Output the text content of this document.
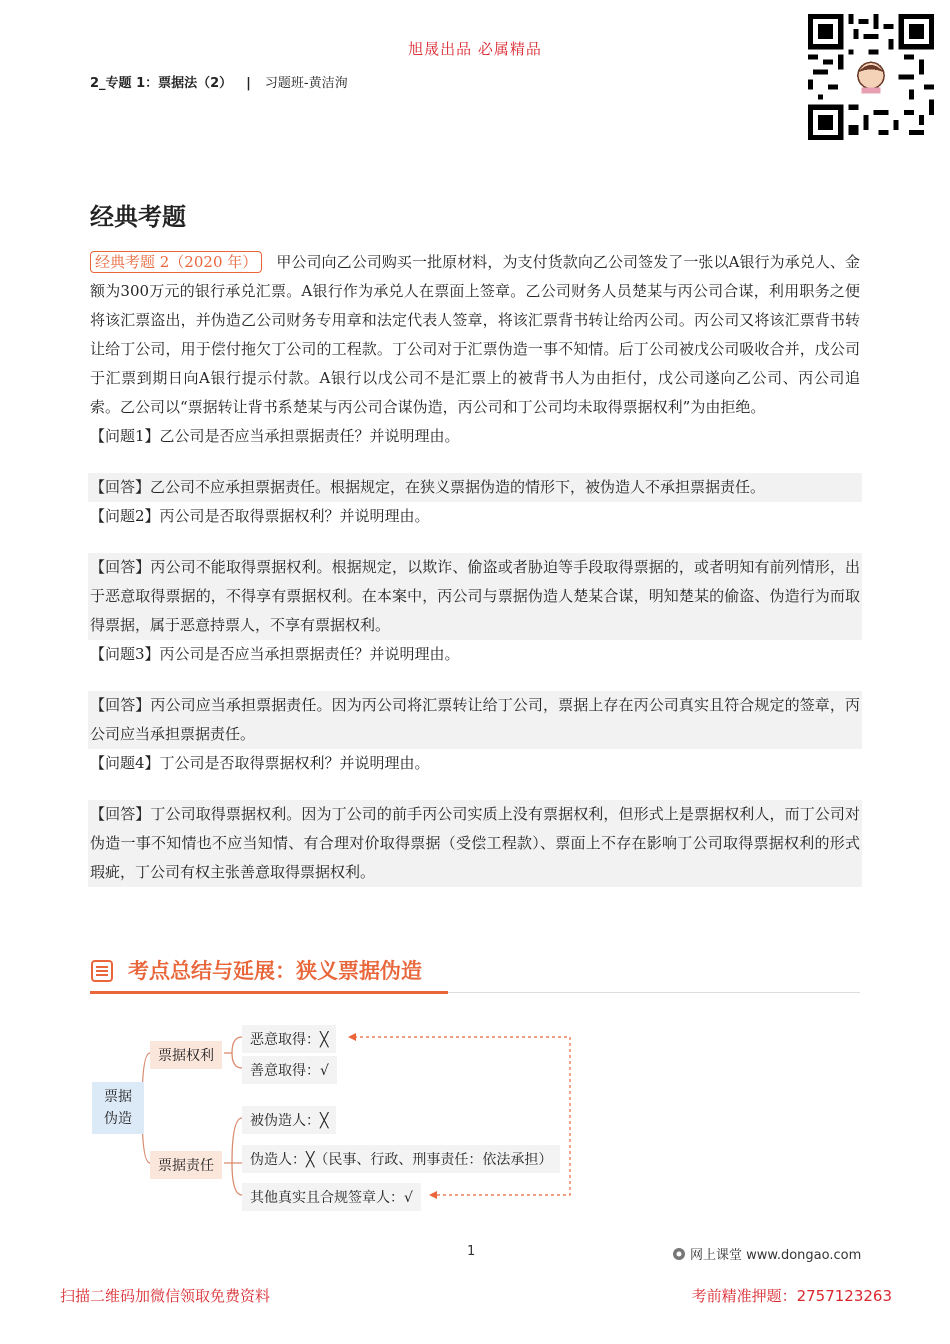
旭晟出品 必属精品
2_专题 1：票据法（2） | 习题班-黄洁洵
经典考题

经典考题 2（2020 年） 甲公司向乙公司购买一批原材料，为支付货款向乙公司签发了一张以A银行为承兑人、金额为300万元的银行承兑汇票。A银行作为承兑人在票面上签章。乙公司财务人员楚某与丙公司合谋，利用职务之便将该汇票盗出，并伪造乙公司财务专用章和法定代表人签章，将该汇票背书转让给丙公司。丙公司又将该汇票背书转让给丁公司，用于偿付拖欠丁公司的工程款。丁公司对于汇票伪造一事不知情。后丁公司被戊公司吸收合并，戊公司于汇票到期日向A银行提示付款。A银行以戊公司不是汇票上的被背书人为由拒付，戊公司遂向乙公司、丙公司追索。乙公司以“票据转让背书系楚某与丙公司合谋伪造，丙公司和丁公司均未取得票据权利”为由拒绝。

【问题1】乙公司是否应当承担票据责任？并说明理由。

【回答】乙公司不应承担票据责任。根据规定，在狭义票据伪造的情形下，被伪造人不承担票据责任。

【问题2】丙公司是否取得票据权利？并说明理由。

【回答】丙公司不能取得票据权利。根据规定，以欺诈、偷盗或者胁迫等手段取得票据的，或者明知有前列情形，出于恶意取得票据的，不得享有票据权利。在本案中，丙公司与票据伪造人楚某合谋，明知楚某的偷盗、伪造行为而取得票据，属于恶意持票人，不享有票据权利。

【问题3】丙公司是否应当承担票据责任？并说明理由。

【回答】丙公司应当承担票据责任。因为丙公司将汇票转让给丁公司，票据上存在丙公司真实且符合规定的签章，丙公司应当承担票据责任。

【问题4】丁公司是否取得票据权利？并说明理由。

【回答】丁公司取得票据权利。因为丁公司的前手丙公司实质上没有票据权利，但形式上是票据权利人，而丁公司对伪造一事不知情也不应当知情、有合理对价取得票据（受偿工程款）、票面上不存在影响丁公司取得票据权利的形式瑕疵，丁公司有权主张善意取得票据权利。

考点总结与延展：狭义票据伪造
票据伪造
票据权利
票据责任
恶意取得：╳
善意取得：√
被伪造人：╳
伪造人：╳（民事、行政、刑事责任：依法承担）
其他真实且合规签章人：√
1	网上课堂 www.dongao.com
扫描二维码加微信领取免费资料	考前精准押题：2757123263
